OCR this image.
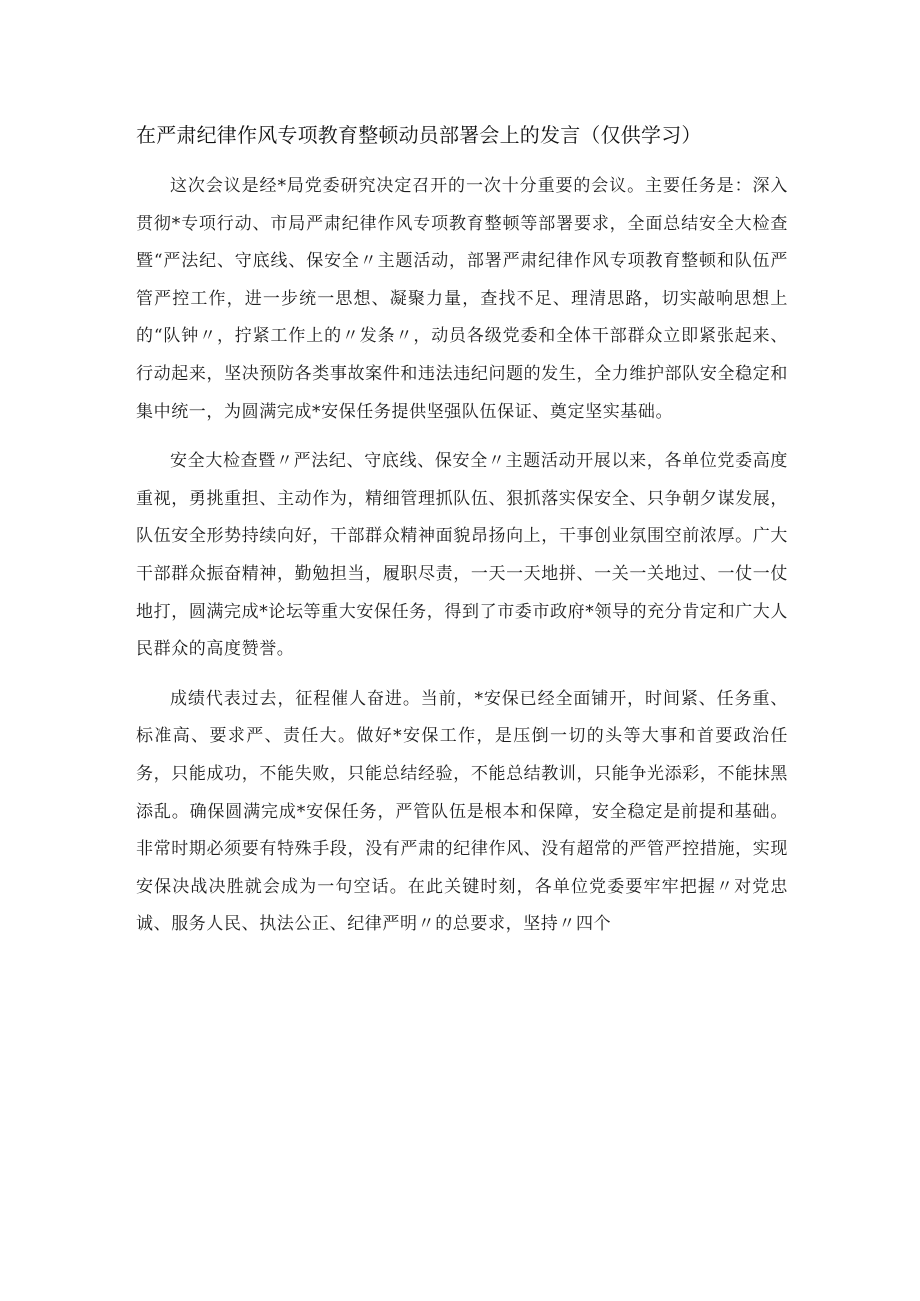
在严肃纪律作风专项教育整顿动员部署会上的发言（仅供学习）

这次会议是经*局党委研究决定召开的一次十分重要的会议。主要任务是：深入贯彻*专项行动、市局严肃纪律作风专项教育整顿等部署要求，全面总结安全大检查暨“严法纪、守底线、保安全〃主题活动，部署严肃纪律作风专项教育整顿和队伍严管严控工作，进一步统一思想、凝聚力量，查找不足、理清思路，切实敲响思想上的“队钟〃，拧紧工作上的〃发条〃，动员各级党委和全体干部群众立即紧张起来、行动起来，坚决预防各类事故案件和违法违纪问题的发生，全力维护部队安全稳定和集中统一，为圆满完成*安保任务提供坚强队伍保证、奠定坚实基础。

安全大检查暨〃严法纪、守底线、保安全〃主题活动开展以来，各单位党委高度重视，勇挑重担、主动作为，精细管理抓队伍、狠抓落实保安全、只争朝夕谋发展，队伍安全形势持续向好，干部群众精神面貌昂扬向上，干事创业氛围空前浓厚。广大干部群众振奋精神，勤勉担当，履职尽责，一天一天地拼、一关一关地过、一仗一仗地打，圆满完成*论坛等重大安保任务，得到了市委市政府*领导的充分肯定和广大人民群众的高度赞誉。

成绩代表过去，征程催人奋进。当前，*安保已经全面铺开，时间紧、任务重、标准高、要求严、责任大。做好*安保工作，是压倒一切的头等大事和首要政治任务，只能成功，不能失败，只能总结经验，不能总结教训，只能争光添彩，不能抹黑添乱。确保圆满完成*安保任务，严管队伍是根本和保障，安全稳定是前提和基础。非常时期必须要有特殊手段，没有严肃的纪律作风、没有超常的严管严控措施，实现安保决战决胜就会成为一句空话。在此关键时刻，各单位党委要牢牢把握〃对党忠诚、服务人民、执法公正、纪律严明〃的总要求，坚持〃四个
